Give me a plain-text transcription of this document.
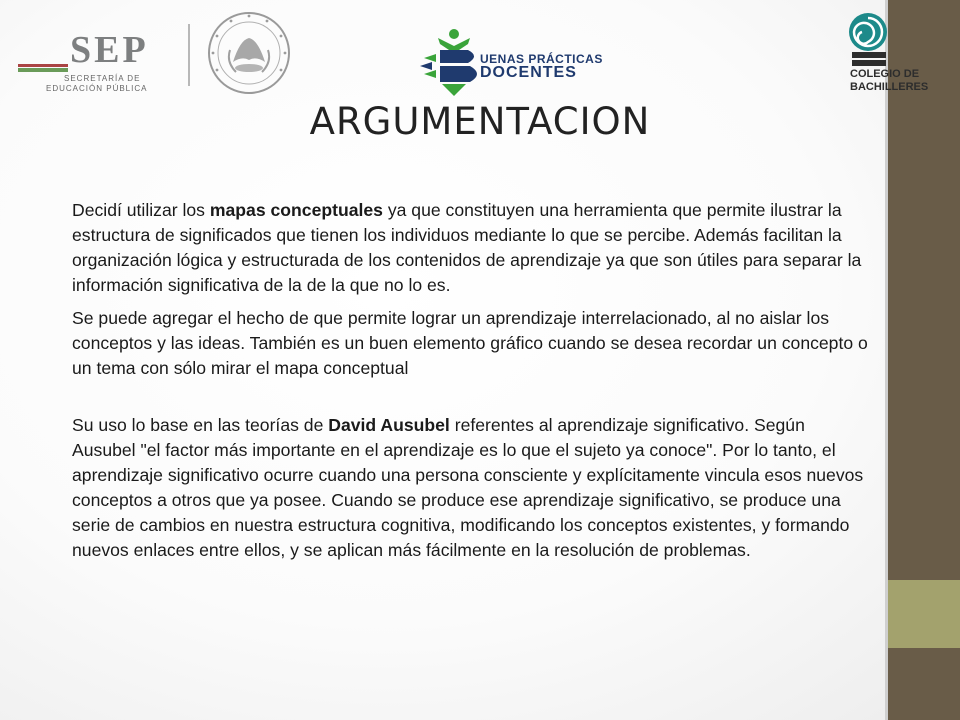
SEP
SECRETARÍA DE
EDUCACIÓN PÚBLICA
UENAS PRÁCTICAS
DOCENTES	COLEGIO DE
BACHILLERES
ARGUMENTACION

Decidí utilizar los mapas conceptuales ya que constituyen una herramienta que permite ilustrar la estructura de significados que tienen los individuos mediante lo que se percibe. Además facilitan la organización lógica y estructurada de los contenidos de aprendizaje ya que son útiles para separar la información significativa de la de la que no lo es.

Se puede agregar el hecho de que permite lograr un aprendizaje interrelacionado, al no aislar los conceptos y las ideas. También es un buen elemento gráfico cuando se desea recordar un concepto o un tema con sólo mirar el mapa conceptual

Su uso lo base en las teorías de David Ausubel referentes al aprendizaje significativo. Según Ausubel "el factor más importante en el aprendizaje es lo que el sujeto ya conoce". Por lo tanto, el aprendizaje significativo ocurre cuando una persona consciente y explícitamente vincula esos nuevos conceptos a otros que ya posee. Cuando se produce ese aprendizaje significativo, se produce una serie de cambios en nuestra estructura cognitiva, modificando los conceptos existentes, y formando nuevos enlaces entre ellos, y se aplican más fácilmente en la resolución de problemas.
